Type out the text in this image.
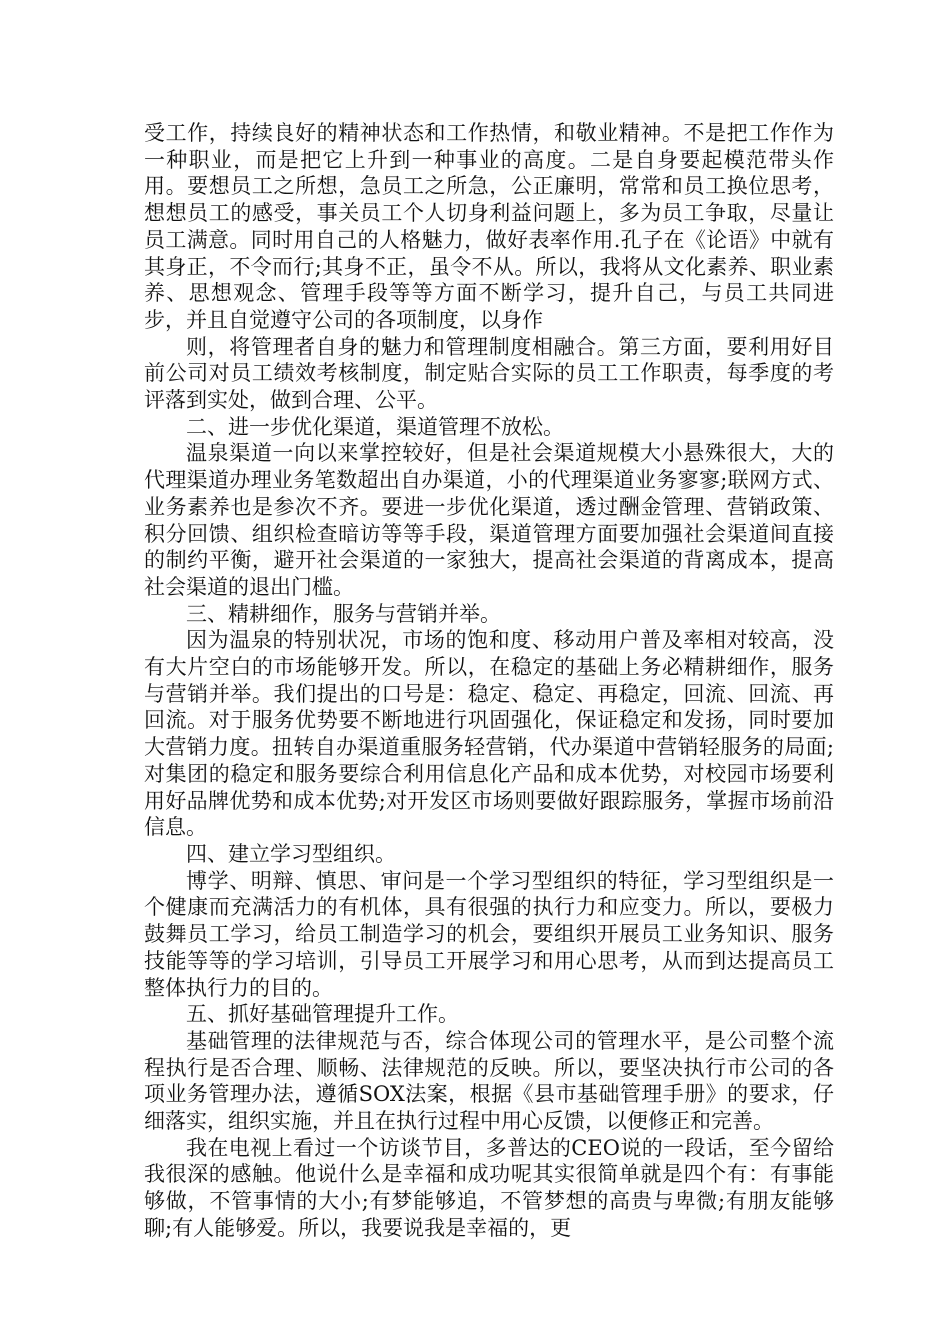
受工作，持续良好的精神状态和工作热情，和敬业精神。不是把工作作为一种职业，而是把它上升到一种事业的高度。二是自身要起模范带头作用。要想员工之所想，急员工之所急，公正廉明，常常和员工换位思考，想想员工的感受，事关员工个人切身利益问题上，多为员工争取，尽量让员工满意。同时用自己的人格魅力，做好表率作用.孔子在《论语》中就有其身正，不令而行;其身不正，虽令不从。所以，我将从文化素养、职业素养、思想观念、管理手段等等方面不断学习，提升自己，与员工共同进步，并且自觉遵守公司的各项制度，以身作

则，将管理者自身的魅力和管理制度相融合。第三方面，要利用好目前公司对员工绩效考核制度，制定贴合实际的员工工作职责，每季度的考评落到实处，做到合理、公平。

二、进一步优化渠道，渠道管理不放松。

温泉渠道一向以来掌控较好，但是社会渠道规模大小悬殊很大，大的代理渠道办理业务笔数超出自办渠道，小的代理渠道业务寥寥;联网方式、业务素养也是参次不齐。要进一步优化渠道，透过酬金管理、营销政策、积分回馈、组织检查暗访等等手段，渠道管理方面要加强社会渠道间直接的制约平衡，避开社会渠道的一家独大，提高社会渠道的背离成本，提高社会渠道的退出门槛。

三、精耕细作，服务与营销并举。

因为温泉的特别状况，市场的饱和度、移动用户普及率相对较高，没有大片空白的市场能够开发。所以，在稳定的基础上务必精耕细作，服务与营销并举。我们提出的口号是：稳定、稳定、再稳定，回流、回流、再回流。对于服务优势要不断地进行巩固强化，保证稳定和发扬，同时要加大营销力度。扭转自办渠道重服务轻营销，代办渠道中营销轻服务的局面;对集团的稳定和服务要综合利用信息化产品和成本优势，对校园市场要利用好品牌优势和成本优势;对开发区市场则要做好跟踪服务，掌握市场前沿信息。

四、建立学习型组织。

博学、明辩、慎思、审问是一个学习型组织的特征，学习型组织是一个健康而充满活力的有机体，具有很强的执行力和应变力。所以，要极力鼓舞员工学习，给员工制造学习的机会，要组织开展员工业务知识、服务技能等等的学习培训，引导员工开展学习和用心思考，从而到达提高员工整体执行力的目的。

五、抓好基础管理提升工作。

基础管理的法律规范与否，综合体现公司的管理水平，是公司整个流程执行是否合理、顺畅、法律规范的反映。所以，要坚决执行市公司的各项业务管理办法，遵循SOX法案，根据《县市基础管理手册》的要求，仔细落实，组织实施，并且在执行过程中用心反馈，以便修正和完善。

我在电视上看过一个访谈节目，多普达的CEO说的一段话，至今留给我很深的感触。他说什么是幸福和成功呢其实很简单就是四个有：有事能够做，不管事情的大小;有梦能够追，不管梦想的高贵与卑微;有朋友能够聊;有人能够爱。所以，我要说我是幸福的，更
